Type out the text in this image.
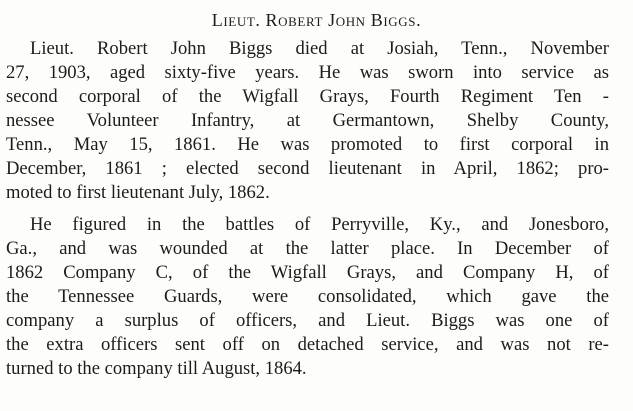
Lieut. Robert John Biggs.
Lieut. Robert John Biggs died at Josiah, Tenn., November
27, 1903, aged sixty-five years. He was sworn into service as
second corporal of the Wigfall Grays, Fourth Regiment Ten -
nessee Volunteer Infantry, at Germantown, Shelby County,
Tenn., May 15, 1861. He was promoted to first corporal in
December, 1861 ; elected second lieutenant in April, 1862; pro-
moted to first lieutenant July, 1862.
He figured in the battles of Perryville, Ky., and Jonesboro,
Ga., and was wounded at the latter place. In December of
1862 Company C, of the Wigfall Grays, and Company H, of
the Tennessee Guards, were consolidated, which gave the
company a surplus of officers, and Lieut. Biggs was one of
the extra officers sent off on detached service, and was not re-
turned to the company till August, 1864.
